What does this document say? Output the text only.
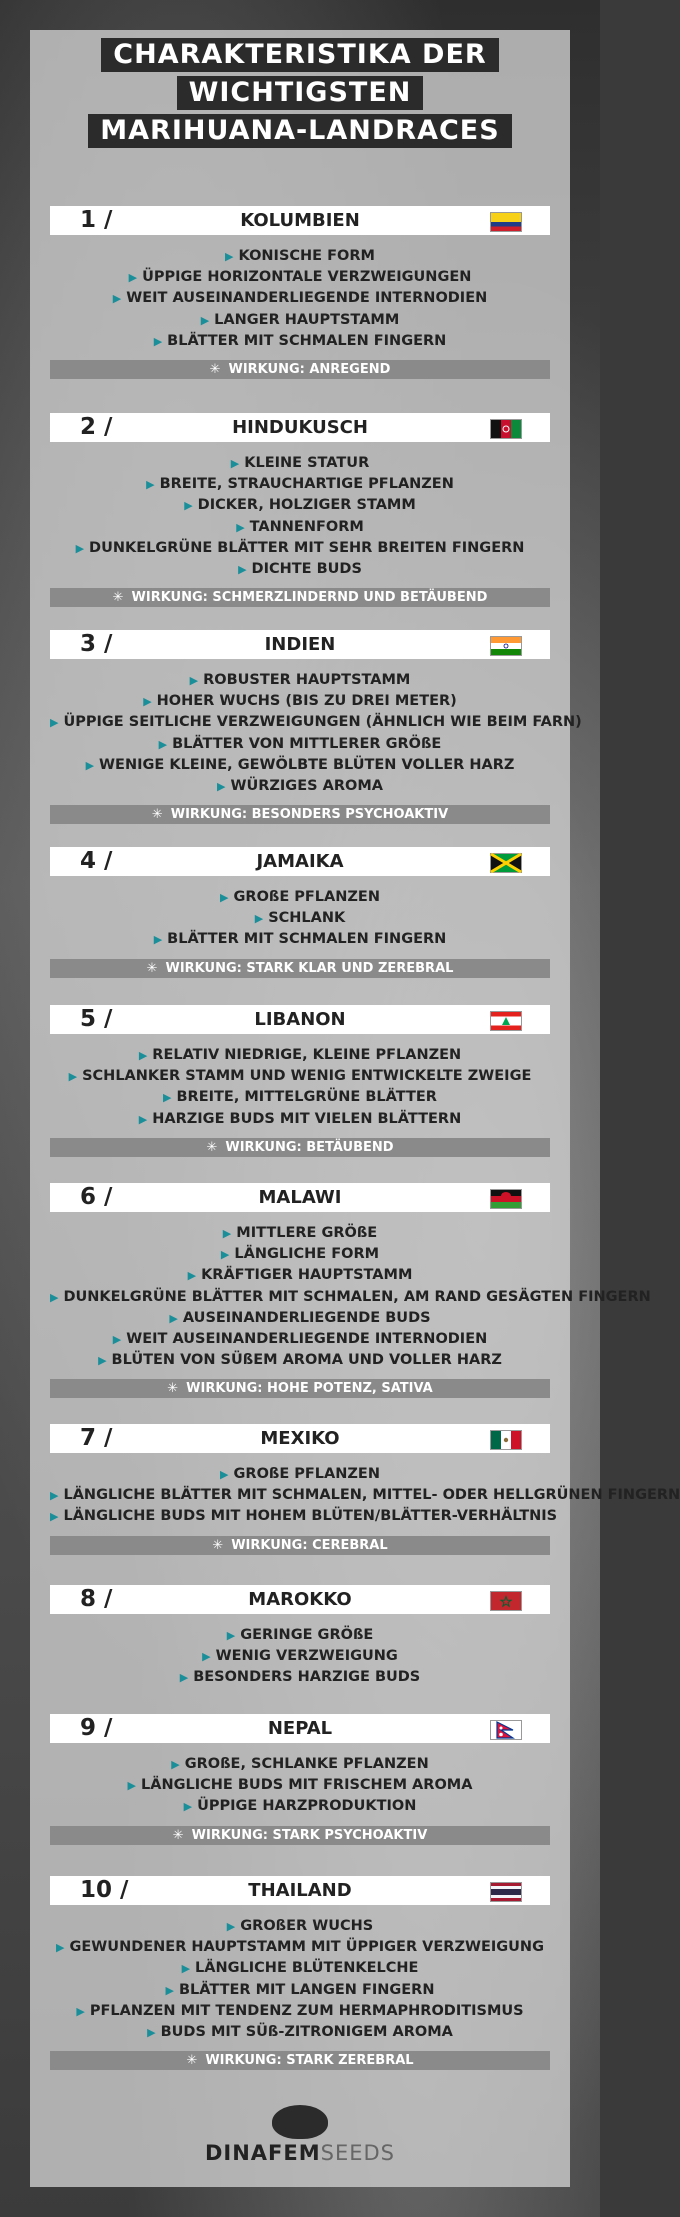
CHARAKTERISTIKA DER
WICHTIGSTEN
MARIHUANA-LANDRACES
1 /	KOLUMBIEN
▶ KONISCHE FORM
▶ ÜPPIGE HORIZONTALE VERZWEIGUNGEN
▶ WEIT AUSEINANDERLIEGENDE INTERNODIEN
▶ LANGER HAUPTSTAMM
▶ BLÄTTER MIT SCHMALEN FINGERN
✳ WIRKUNG: ANREGEND
2 /	HINDUKUSCH
▶ KLEINE STATUR
▶ BREITE, STRAUCHARTIGE PFLANZEN
▶ DICKER, HOLZIGER STAMM
▶ TANNENFORM
▶ DUNKELGRÜNE BLÄTTER MIT SEHR BREITEN FINGERN
▶ DICHTE BUDS
✳ WIRKUNG: SCHMERZLINDERND UND BETÄUBEND
3 /	INDIEN
▶ ROBUSTER HAUPTSTAMM
▶ HOHER WUCHS (BIS ZU DREI METER)
▶ ÜPPIGE SEITLICHE VERZWEIGUNGEN (ÄHNLICH WIE BEIM FARN)
▶ BLÄTTER VON MITTLERER GRÖßE
▶ WENIGE KLEINE, GEWÖLBTE BLÜTEN VOLLER HARZ
▶ WÜRZIGES AROMA
✳ WIRKUNG: BESONDERS PSYCHOAKTIV
4 /	JAMAIKA
▶ GROßE PFLANZEN
▶ SCHLANK
▶ BLÄTTER MIT SCHMALEN FINGERN
✳ WIRKUNG: STARK KLAR UND ZEREBRAL
5 /	LIBANON
▶ RELATIV NIEDRIGE, KLEINE PFLANZEN
▶ SCHLANKER STAMM UND WENIG ENTWICKELTE ZWEIGE
▶ BREITE, MITTELGRÜNE BLÄTTER
▶ HARZIGE BUDS MIT VIELEN BLÄTTERN
✳ WIRKUNG: BETÄUBEND
6 /	MALAWI
▶ MITTLERE GRÖßE
▶ LÄNGLICHE FORM
▶ KRÄFTIGER HAUPTSTAMM
▶ DUNKELGRÜNE BLÄTTER MIT SCHMALEN, AM RAND GESÄGTEN FINGERN
▶ AUSEINANDERLIEGENDE BUDS
▶ WEIT AUSEINANDERLIEGENDE INTERNODIEN
▶ BLÜTEN VON SÜßEM AROMA UND VOLLER HARZ
✳ WIRKUNG: HOHE POTENZ, SATIVA
7 /	MEXIKO
▶ GROßE PFLANZEN
▶ LÄNGLICHE BLÄTTER MIT SCHMALEN, MITTEL- ODER HELLGRÜNEN FINGERN
▶ LÄNGLICHE BUDS MIT HOHEM BLÜTEN/BLÄTTER-VERHÄLTNIS
✳ WIRKUNG: CEREBRAL
8 /	MAROKKO
▶ GERINGE GRÖßE
▶ WENIG VERZWEIGUNG
▶ BESONDERS HARZIGE BUDS
9 /	NEPAL
▶ GROßE, SCHLANKE PFLANZEN
▶ LÄNGLICHE BUDS MIT FRISCHEM AROMA
▶ ÜPPIGE HARZPRODUKTION
✳ WIRKUNG: STARK PSYCHOAKTIV
10 /	THAILAND
▶ GROßER WUCHS
▶ GEWUNDENER HAUPTSTAMM MIT ÜPPIGER VERZWEIGUNG
▶ LÄNGLICHE BLÜTENKELCHE
▶ BLÄTTER MIT LANGEN FINGERN
▶ PFLANZEN MIT TENDENZ ZUM HERMAPHRODITISMUS
▶ BUDS MIT SÜß-ZITRONIGEM AROMA
✳ WIRKUNG: STARK ZEREBRAL
DINAFEMSEEDS
